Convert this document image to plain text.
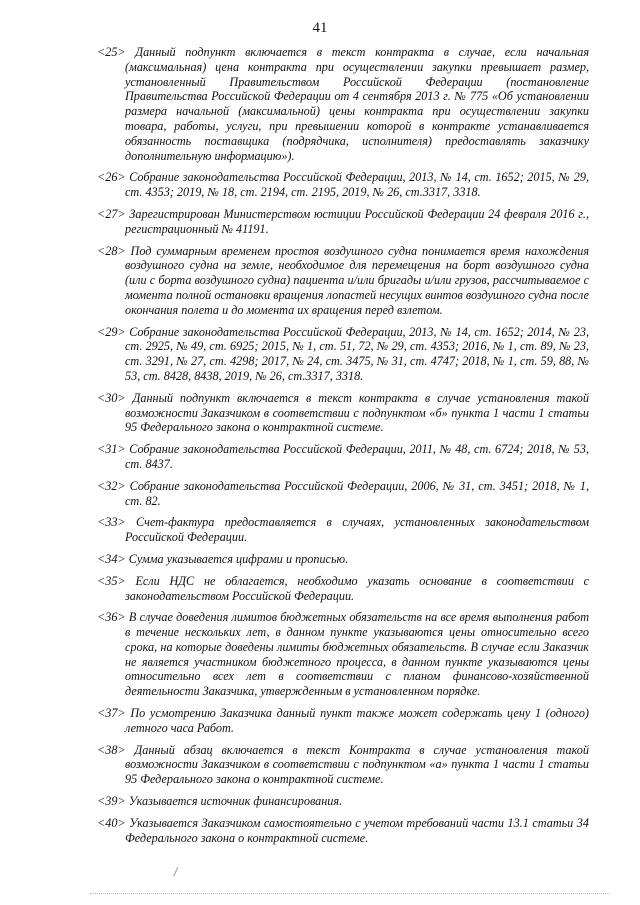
41

<25> Данный подпункт включается в текст контракта в случае, если начальная (максимальная) цена контракта при осуществлении закупки превышает размер, установленный Правительством Российской Федерации (постановление Правительства Российской Федерации от 4 сентября 2013 г. № 775 «Об установлении размера начальной (максимальной) цены контракта при осуществлении закупки товара, работы, услуги, при превышении которой в контракте устанавливается обязанность поставщика (подрядчика, исполнителя) предоставлять заказчику дополнительную информацию»).

<26> Собрание законодательства Российской Федерации, 2013, № 14, ст. 1652; 2015, № 29, ст. 4353; 2019, № 18, ст. 2194, ст. 2195, 2019, № 26, ст.3317, 3318.

<27> Зарегистрирован Министерством юстиции Российской Федерации 24 февраля 2016 г., регистрационный № 41191.

<28> Под суммарным временем простоя воздушного судна понимается время нахождения воздушного судна на земле, необходимое для перемещения на борт воздушного судна (или с борта воздушного судна) пациента и/или бригады и/или грузов, рассчитываемое с момента полной остановки вращения лопастей несущих винтов воздушного судна после окончания полета и до момента их вращения перед взлетом.

<29> Собрание законодательства Российской Федерации, 2013, № 14, ст. 1652; 2014, № 23, ст. 2925, № 49, ст. 6925; 2015, № 1, ст. 51, 72, № 29, ст. 4353; 2016, № 1, ст. 89, № 23, ст. 3291, № 27, ст. 4298; 2017, № 24, ст. 3475, № 31, ст. 4747; 2018, № 1, ст. 59, 88, № 53, ст. 8428, 8438, 2019, № 26, ст.3317, 3318.

<30> Данный подпункт включается в текст контракта в случае установления такой возможности Заказчиком в соответствии с подпунктом «б» пункта 1 части 1 статьи 95 Федерального закона о контрактной системе.

<31> Собрание законодательства Российской Федерации, 2011, № 48, ст. 6724; 2018, № 53, ст. 8437.

<32> Собрание законодательства Российской Федерации, 2006, № 31, ст. 3451; 2018, № 1, ст. 82.

<33> Счет-фактура предоставляется в случаях, установленных законодательством Российской Федерации.

<34> Сумма указывается цифрами и прописью.

<35> Если НДС не облагается, необходимо указать основание в соответствии с законодательством Российской Федерации.

<36> В случае доведения лимитов бюджетных обязательств на все время выполнения работ в течение нескольких лет, в данном пункте указываются цены относительно всего срока, на которые доведены лимиты бюджетных обязательств. В случае если Заказчик не является участником бюджетного процесса, в данном пункте указываются цены относительно всех лет в соответствии с планом финансово-хозяйственной деятельности Заказчика, утвержденным в установленном порядке.

<37> По усмотрению Заказчика данный пункт также может содержать цену 1 (одного) летного часа Работ.

<38> Данный абзац включается в текст Контракта в случае установления такой возможности Заказчиком в соответствии с подпунктом «а» пункта 1 части 1 статьи 95 Федерального закона о контрактной системе.

<39> Указывается источник финансирования.

<40> Указывается Заказчиком самостоятельно с учетом требований части 13.1 статьи 34 Федерального закона о контрактной системе.
